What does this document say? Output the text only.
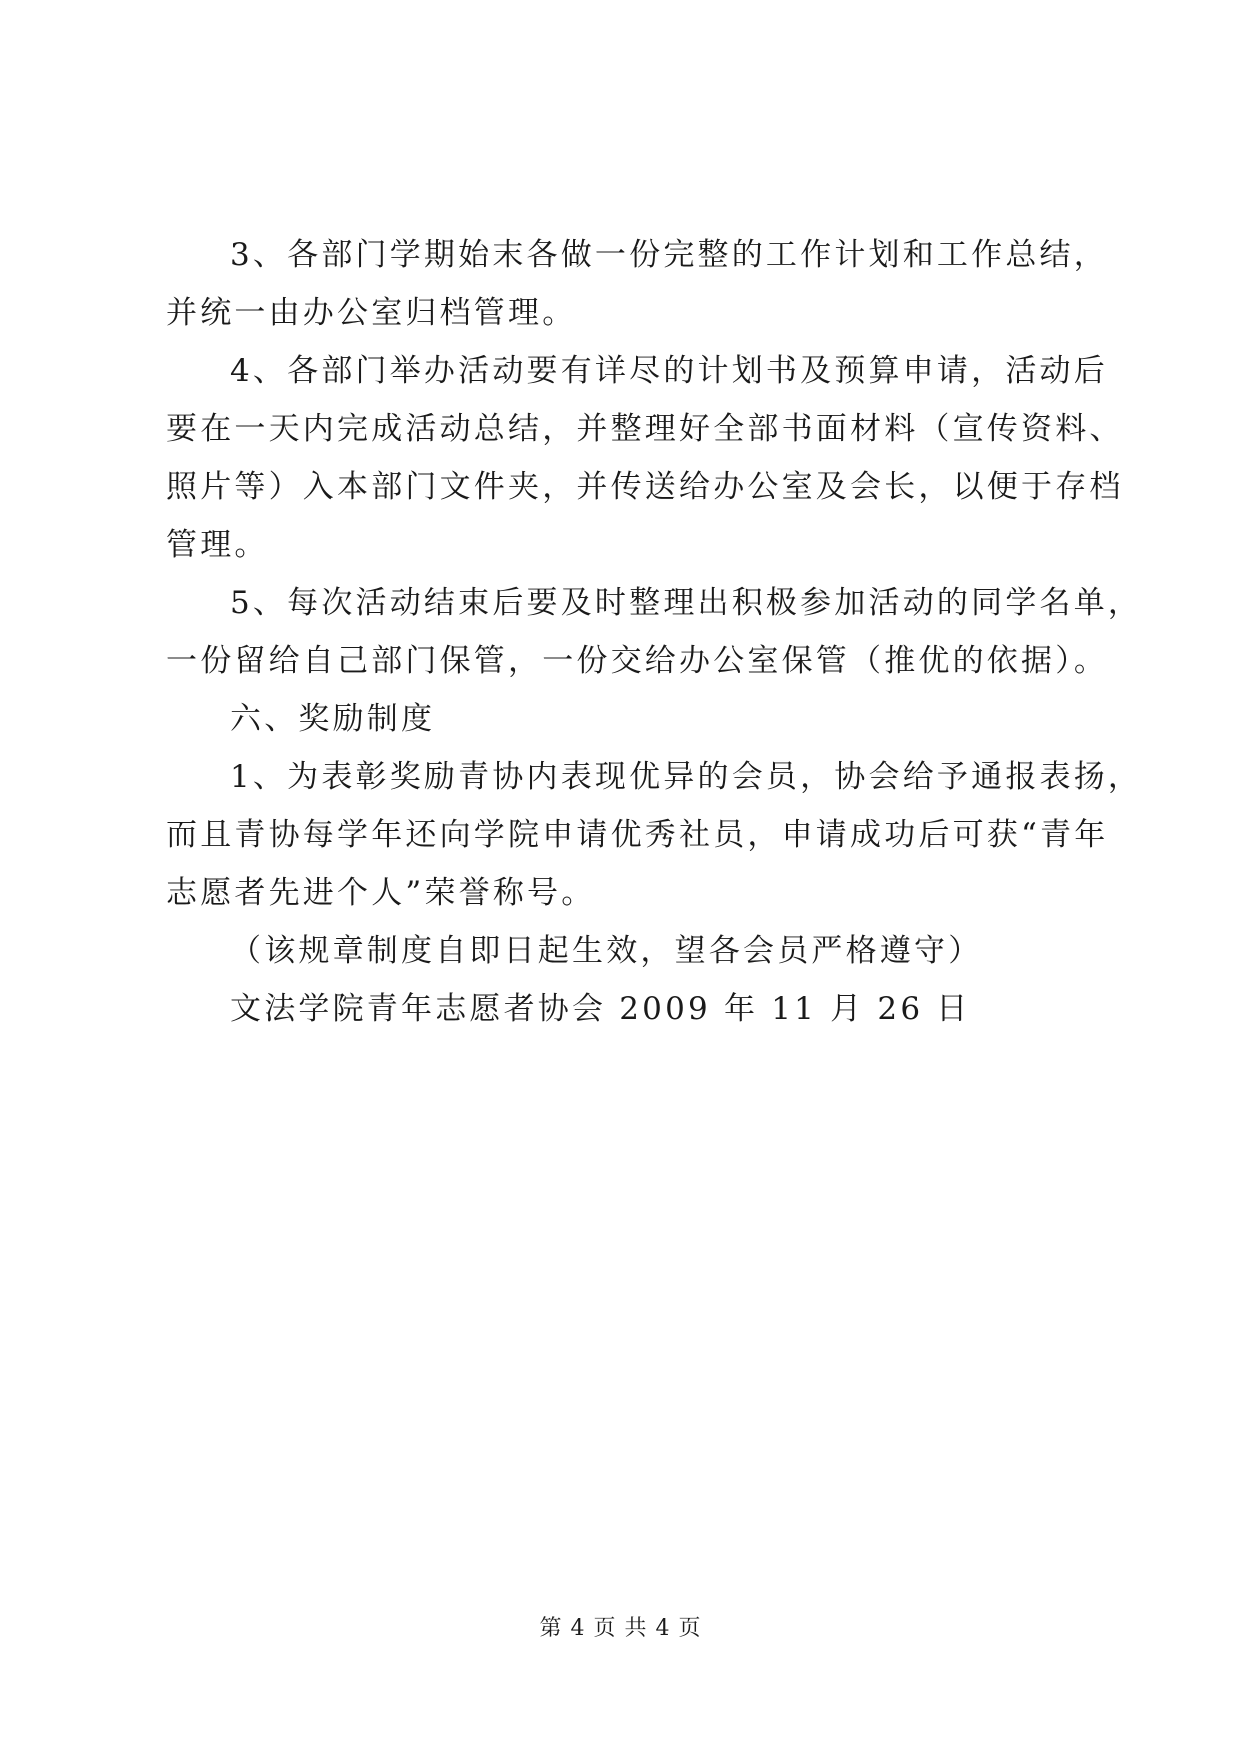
3、各部门学期始末各做一份完整的工作计划和工作总结，
并统一由办公室归档管理。

4、各部门举办活动要有详尽的计划书及预算申请，活动后
要在一天内完成活动总结，并整理好全部书面材料（宣传资料、
照片等）入本部门文件夹，并传送给办公室及会长，以便于存档
管理。

5、每次活动结束后要及时整理出积极参加活动的同学名单，
一份留给自己部门保管，一份交给办公室保管（推优的依据）。

六、奖励制度

1、为表彰奖励青协内表现优异的会员，协会给予通报表扬，
而且青协每学年还向学院申请优秀社员，申请成功后可获“青年
志愿者先进个人”荣誉称号。

（该规章制度自即日起生效，望各会员严格遵守）

文法学院青年志愿者协会 2009 年 11 月 26 日

第 4 页 共 4 页
